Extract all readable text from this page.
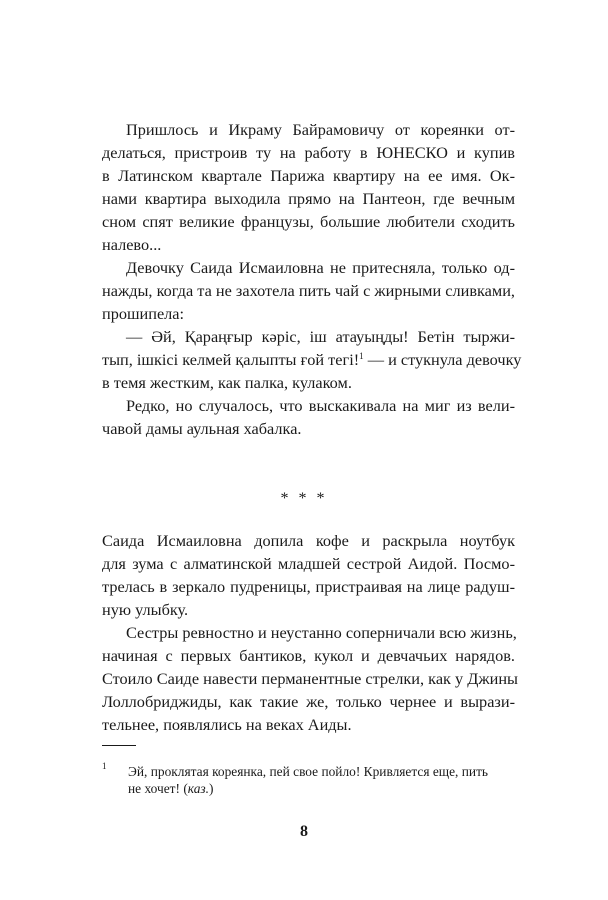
Пришлось и Икраму Байрамовичу от кореянки от-
делаться, пристроив ту на работу в ЮНЕСКО и купив
в Латинском квартале Парижа квартиру на ее имя. Ок-
нами квартира выходила прямо на Пантеон, где вечным
сном спят великие французы, большие любители сходить
налево...
Девочку Саида Исмаиловна не притесняла, только од-
нажды, когда та не захотела пить чай с жирными сливками,
прошипела:
— Әй, Қараңғыр кәріс, іш атауыңды! Бетін тыржи-
тып, ішкісі келмей қалыпты ғой тегі!$^1$ — и стукнула девочку
в темя жестким, как палка, кулаком.
Редко, но случалось, что выскакивала на миг из вели-
чавой дамы аульная хабалка.
* * *
Саида Исмаиловна допила кофе и раскрыла ноутбук
для зума с алматинской младшей сестрой Аидой. Посмо-
трелась в зеркало пудреницы, пристраивая на лице радуш-
ную улыбку.
Сестры ревностно и неустанно соперничали всю жизнь,
начиная с первых бантиков, кукол и девчачьих нарядов.
Стоило Саиде навести перманентные стрелки, как у Джины
Лоллобриджиды, как такие же, только чернее и вырази-
тельнее, появлялись на веках Аиды.
1 Эй, проклятая кореянка, пей свое пойло! Кривляется еще, пить
не хочет! (каз.)
8
